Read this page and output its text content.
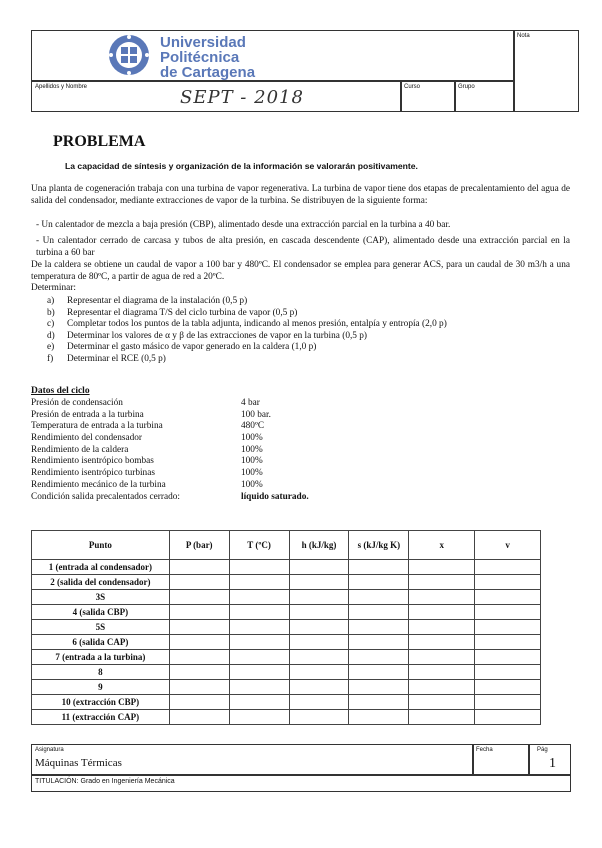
Nota
Universidad
Politécnica
de Cartagena
Apellidos y Nombre	SEPT - 2018	Curso	Grupo
PROBLEMA
La capacidad de síntesis y organización de la información se valorarán positivamente.
Una planta de cogeneración trabaja con una turbina de vapor regenerativa. La turbina de vapor tiene dos etapas de precalentamiento del agua de salida del condensador, mediante extracciones de vapor de la turbina. Se distribuyen de la siguiente forma:
- Un calentador de mezcla a baja presión (CBP), alimentado desde una extracción parcial en la turbina a 40 bar.
- Un calentador cerrado de carcasa y tubos de alta presión, en cascada descendente (CAP), alimentado desde una extracción parcial en la turbina a 60 bar
De la caldera se obtiene un caudal de vapor a 100 bar y 480ºC. El condensador se emplea para generar ACS, para un caudal de 30 m3/h a una temperatura de 80ºC, a partir de agua de red a 20ºC.
Determinar:
a) Representar el diagrama de la instalación (0,5 p)
b) Representar el diagrama T/S del ciclo turbina de vapor (0,5 p)
c) Completar todos los puntos de la tabla adjunta, indicando al menos presión, entalpía y entropía (2,0 p)
d) Determinar los valores de α y β de las extracciones de vapor en la turbina (0,5 p)
e) Determinar el gasto másico de vapor generado en la caldera (1,0 p)
f) Determinar el RCE (0,5 p)
Datos del ciclo
Presión de condensación	4 bar
Presión de entrada a la turbina	100 bar.
Temperatura de entrada a la turbina	480ºC
Rendimiento del condensador	100%
Rendimiento de la caldera	100%
Rendimiento isentrópico bombas	100%
Rendimiento isentrópico turbinas	100%
Rendimiento mecánico de la turbina	100%
Condición salida precalentados cerrado:	líquido saturado.
Punto	P (bar)	T (ºC)	h (kJ/kg)	s (kJ/kg K)	x	v
1 (entrada al condensador)						
2 (salida del condensador)						
3S						
4 (salida CBP)						
5S						
6 (salida CAP)						
7 (entrada a la turbina)						
8						
9						
10 (extracción CBP)						
11 (extracción CAP)						
Asignatura
Máquinas Térmicas
Fecha	Pág
1
TITULACIÓN: Grado en Ingeniería Mecánica
